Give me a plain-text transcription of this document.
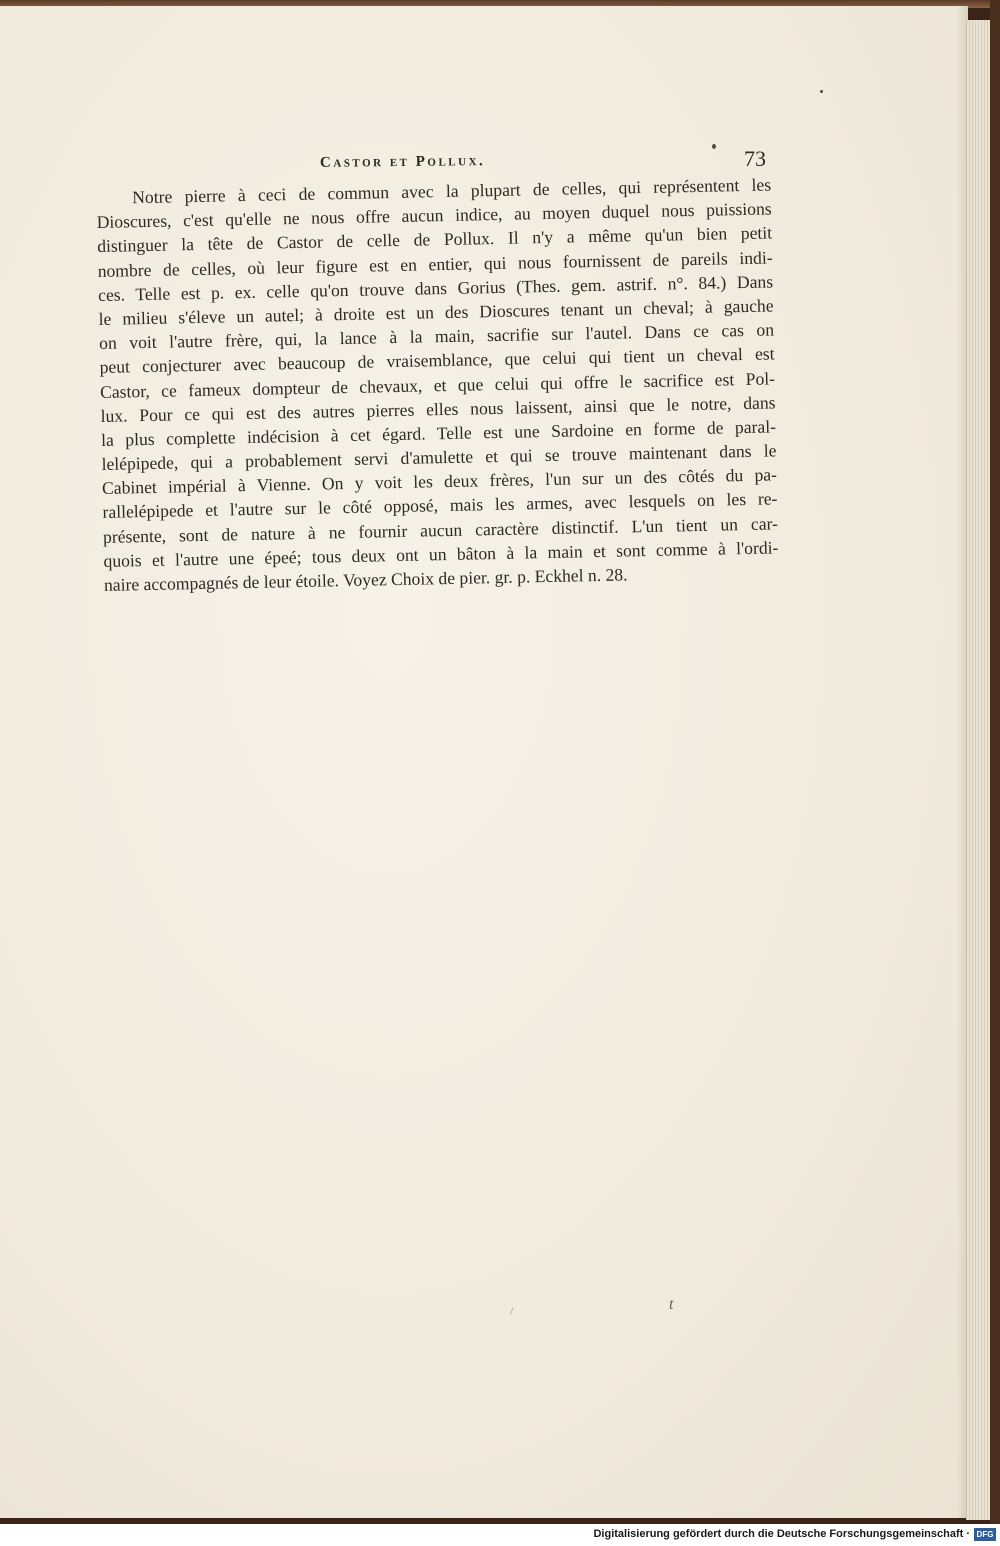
Castor et Pollux.	73
Notre pierre à ceci de commun avec la plupart de celles, qui représentent les
Dioscures, c'est qu'elle ne nous offre aucun indice, au moyen duquel nous puissions
distinguer la tête de Castor de celle de Pollux. Il n'y a même qu'un bien petit
nombre de celles, où leur figure est en entier, qui nous fournissent de pareils indi-
ces. Telle est p. ex. celle qu'on trouve dans Gorius (Thes. gem. astrif. n°. 84.) Dans
le milieu s'éleve un autel; à droite est un des Dioscures tenant un cheval; à gauche
on voit l'autre frère, qui, la lance à la main, sacrifie sur l'autel. Dans ce cas on
peut conjecturer avec beaucoup de vraisemblance, que celui qui tient un cheval est
Castor, ce fameux dompteur de chevaux, et que celui qui offre le sacrifice est Pol-
lux. Pour ce qui est des autres pierres elles nous laissent, ainsi que le notre, dans
la plus complette indécision à cet égard. Telle est une Sardoine en forme de paral-
lelépipede, qui a probablement servi d'amulette et qui se trouve maintenant dans le
Cabinet impérial à Vienne. On y voit les deux frères, l'un sur un des côtés du pa-
rallelépipede et l'autre sur le côté opposé, mais les armes, avec lesquels on les re-
présente, sont de nature à ne fournir aucun caractère distinctif. L'un tient un car-
quois et l'autre une épeé; tous deux ont un bâton à la main et sont comme à l'ordi-
naire accompagnés de leur étoile. Voyez Choix de pier. gr. p. Eckhel n. 28.
t
/
Digitalisierung gefördert durch die Deutsche Forschungsgemeinschaft · DFG
